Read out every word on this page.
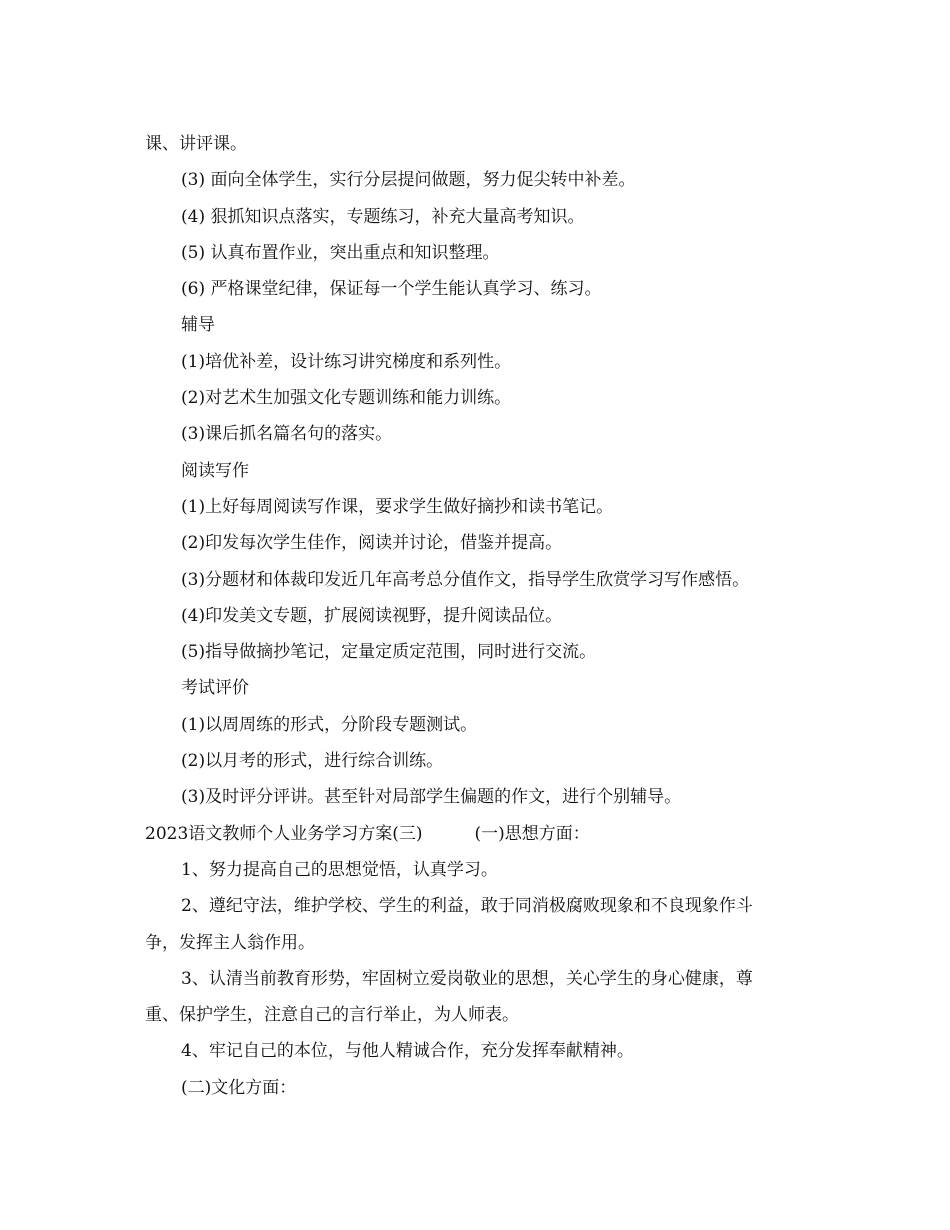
课、讲评课。
(3) 面向全体学生，实行分层提问做题，努力促尖转中补差。
(4) 狠抓知识点落实，专题练习，补充大量高考知识。
(5) 认真布置作业，突出重点和知识整理。
(6) 严格课堂纪律，保证每一个学生能认真学习、练习。
辅导
(1)培优补差，设计练习讲究梯度和系列性。
(2)对艺术生加强文化专题训练和能力训练。
(3)课后抓名篇名句的落实。
阅读写作
(1)上好每周阅读写作课，要求学生做好摘抄和读书笔记。
(2)印发每次学生佳作，阅读并讨论，借鉴并提高。
(3)分题材和体裁印发近几年高考总分值作文，指导学生欣赏学习写作感悟。
(4)印发美文专题，扩展阅读视野，提升阅读品位。
(5)指导做摘抄笔记，定量定质定范围，同时进行交流。
考试评价
(1)以周周练的形式，分阶段专题测试。
(2)以月考的形式，进行综合训练。
(3)及时评分评讲。甚至针对局部学生偏题的作文，进行个别辅导。
2023语文教师个人业务学习方案(三)	(一)思想方面：
1、努力提高自己的思想觉悟，认真学习。
2、遵纪守法，维护学校、学生的利益，敢于同消极腐败现象和不良现象作斗
争，发挥主人翁作用。
3、认清当前教育形势，牢固树立爱岗敬业的思想，关心学生的身心健康，尊
重、保护学生，注意自己的言行举止，为人师表。
4、牢记自己的本位，与他人精诚合作，充分发挥奉献精神。
(二)文化方面：
